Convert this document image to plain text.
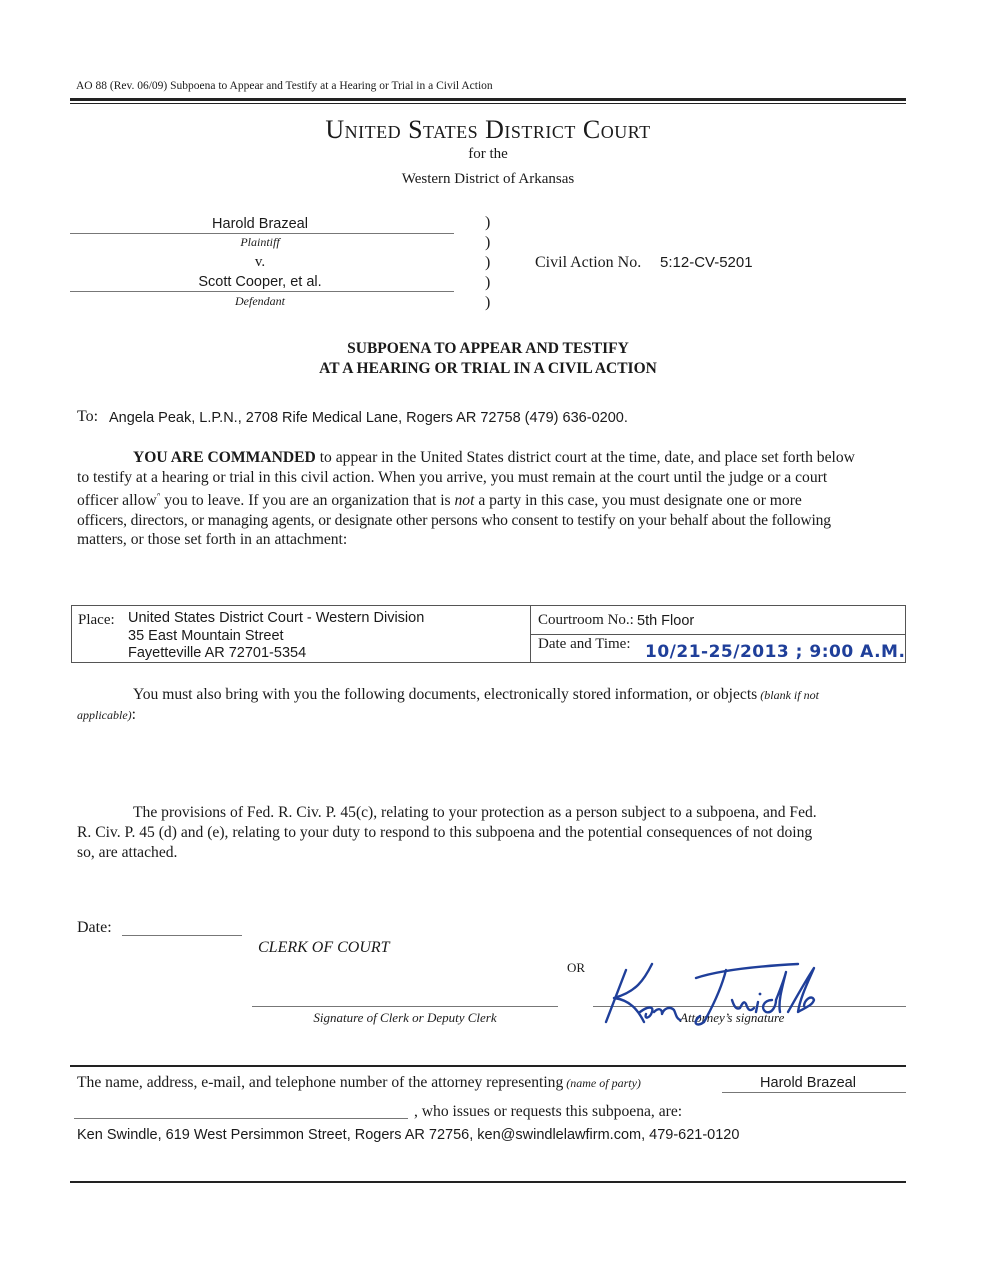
AO 88 (Rev. 06/09) Subpoena to Appear and Testify at a Hearing or Trial in a Civil Action
United States District Court
for the
Western District of Arkansas
Harold Brazeal
Plaintiff
v.
Scott Cooper, et al.
Defendant
)
)
)
)
)
Civil Action No. 5:12-CV-5201
SUBPOENA TO APPEAR AND TESTIFY
AT A HEARING OR TRIAL IN A CIVIL ACTION
To: Angela Peak, L.P.N., 2708 Rife Medical Lane, Rogers AR 72758 (479) 636-0200.
YOU ARE COMMANDED to appear in the United States district court at the time, date, and place set forth below
to testify at a hearing or trial in this civil action. When you arrive, you must remain at the court until the judge or a court
officer allow$^ᐢ$ you to leave. If you are an organization that is not a party in this case, you must designate one or more
officers, directors, or managing agents, or designate other persons who consent to testify on your behalf about the following
matters, or those set forth in an attachment:
Place: United States District Court - Western Division
35 East Mountain Street
Fayetteville AR 72701-5354
Courtroom No.: 5th Floor
Date and Time: 10/21-25/2013 ; 9:00 A.M.
You must also bring with you the following documents, electronically stored information, or objects (blank if not
applicable):
The provisions of Fed. R. Civ. P. 45(c), relating to your protection as a person subject to a subpoena, and Fed.
R. Civ. P. 45 (d) and (e), relating to your duty to respond to this subpoena and the potential consequences of not doing
so, are attached.
Date:
CLERK OF COURT
OR
Signature of Clerk or Deputy Clerk	Attorney’s signature
The name, address, e-mail, and telephone number of the attorney representing (name of party)	Harold Brazeal
, who issues or requests this subpoena, are:
Ken Swindle, 619 West Persimmon Street, Rogers AR 72756, ken@swindlelawfirm.com, 479-621-0120
